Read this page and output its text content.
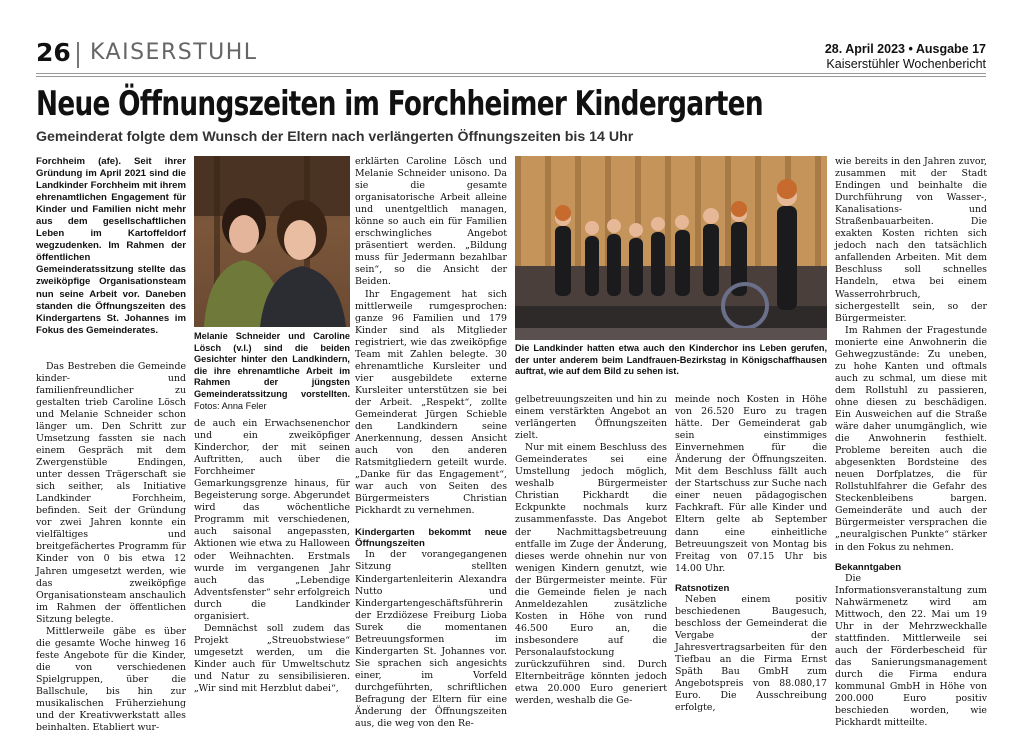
26 KAISERSTUHL	28. April 2023 • Ausgabe 17
Kaiserstühler Wochenbericht
Neue Öffnungszeiten im Forchheimer Kindergarten
Gemeinderat folgte dem Wunsch der Eltern nach verlängerten Öffnungszeiten bis 14 Uhr

Forchheim (afe). Seit ihrer Gründung im April 2021 sind die Landkinder Forchheim mit ihrem ehrenamtlichen Engagement für Kinder und Familien nicht mehr aus dem gesellschaftlichen Leben im Kartoffeldorf wegzudenken. Im Rahmen der öffentlichen Gemeinderatssitzung stellte das zweiköpfige Organisationsteam nun seine Arbeit vor. Daneben standen die Öffnungszeiten des Kindergartens St. Johannes im Fokus des Gemeinderates.

Das Bestreben die Gemeinde kinder- und familienfreundlicher zu gestalten trieb Caroline Lösch und Melanie Schneider schon länger um. Den Schritt zur Umsetzung fassten sie nach einem Gespräch mit dem Zwergenstüble Endingen, unter dessen Trägerschaft sie sich seither, als Initiative Landkinder Forchheim, befinden. Seit der Gründung vor zwei Jahren konnte ein vielfältiges und breitgefächertes Programm für Kinder von 0 bis etwa 12 Jahren umgesetzt werden, wie das zweiköpfige Organisationsteam anschaulich im Rahmen der öffentlichen Sitzung belegte.

Mittlerweile gäbe es über die gesamte Woche hinweg 16 feste Angebote für die Kinder, die von verschiedenen Spielgruppen, über die Ballschule, bis hin zur musikalischen Früherziehung und der Kreativwerkstatt alles beinhalten. Etabliert wur-

Melanie Schneider und Caroline Lösch (v.l.) sind die beiden Gesichter hinter den Landkindern, die ihre ehrenamtliche Arbeit im Rahmen der jüngsten Gemeinderatssitzung vorstellten. Fotos: Anna Feler

de auch ein Erwachsenenchor und ein zweiköpfiger Kinderchor, der mit seinen Auftritten, auch über die Forchheimer Gemarkungsgrenze hinaus, für Begeisterung sorge. Abgerundet wird das wöchentliche Programm mit verschiedenen, auch saisonal angepassten, Aktionen wie etwa zu Halloween oder Weihnachten. Erstmals wurde im vergangenen Jahr auch das „Lebendige Adventsfenster“ sehr erfolgreich durch die Landkinder organisiert.

Demnächst soll zudem das Projekt „Streuobstwiese“ umgesetzt werden, um die Kinder auch für Umweltschutz und Natur zu sensibilisieren. „Wir sind mit Herzblut dabei“,

erklärten Caroline Lösch und Melanie Schneider unisono. Da sie die gesamte organisatorische Arbeit alleine und unentgeltlich managen, könne so auch ein für Familien erschwingliches Angebot präsentiert werden. „Bildung muss für Jedermann bezahlbar sein“, so die Ansicht der Beiden.

Ihr Engagement hat sich mittlerweile rumgesprochen: ganze 96 Familien und 179 Kinder sind als Mitglieder registriert, wie das zweiköpfige Team mit Zahlen belegte. 30 ehrenamtliche Kursleiter und vier ausgebildete externe Kursleiter unterstützen sie bei der Arbeit. „Respekt“, zollte Gemeinderat Jürgen Schieble den Landkindern seine Anerkennung, dessen Ansicht auch von den anderen Ratsmitgliedern geteilt wurde. „Danke für das Engagement“, war auch von Seiten des Bürgermeisters Christian Pickhardt zu vernehmen.

Kindergarten bekommt neue Öffnungszeiten

In der vorangegangenen Sitzung stellten Kindergartenleiterin Alexandra Nutto und Kindergartengeschäftsführerin der Erzdiözese Freiburg Lioba Surek die momentanen Betreuungsformen im Kindergarten St. Johannes vor. Sie sprachen sich angesichts einer, im Vorfeld durchgeführten, schriftlichen Befragung der Eltern für eine Änderung der Öffnungszeiten aus, die weg von den Re-

Die Landkinder hatten etwa auch den Kinderchor ins Leben gerufen, der unter anderem beim Landfrauen-Bezirkstag in Königschaffhausen auftrat, wie auf dem Bild zu sehen ist.

gelbetreuungszeiten und hin zu einem verstärkten Angebot an verlängerten Öffnungszeiten zielt.

Nur mit einem Beschluss des Gemeinderates sei eine Umstellung jedoch möglich, weshalb Bürgermeister Christian Pickhardt die Eckpunkte nochmals kurz zusammenfasste. Das Angebot der Nachmittagsbetreuung entfalle im Zuge der Änderung, dieses werde ohnehin nur von wenigen Kindern genutzt, wie der Bürgermeister meinte. Für die Gemeinde fielen je nach Anmeldezahlen zusätzliche Kosten in Höhe von rund 46.500 Euro an, die insbesondere auf die Personalaufstockung zurückzuführen sind. Durch Elternbeiträge könnten jedoch etwa 20.000 Euro generiert werden, weshalb die Ge-

meinde noch Kosten in Höhe von 26.520 Euro zu tragen hätte. Der Gemeinderat gab sein einstimmiges Einvernehmen für die Änderung der Öffnungszeiten. Mit dem Beschluss fällt auch der Startschuss zur Suche nach einer neuen pädagogischen Fachkraft. Für alle Kinder und Eltern gelte ab September dann eine einheitliche Betreuungszeit von Montag bis Freitag von 07.15 Uhr bis 14.00 Uhr.

Ratsnotizen

Neben einem positiv beschiedenen Baugesuch, beschloss der Gemeinderat die Vergabe der Jahresvertragsarbeiten für den Tiefbau an die Firma Ernst Späth Bau GmbH zum Angebotspreis von 88.080,17 Euro. Die Ausschreibung erfolgte,

wie bereits in den Jahren zuvor, zusammen mit der Stadt Endingen und beinhalte die Durchführung von Wasser-, Kanalisations- und Straßenbauarbeiten. Die exakten Kosten richten sich jedoch nach den tatsächlich anfallenden Arbeiten. Mit dem Beschluss soll schnelles Handeln, etwa bei einem Wasserrohrbruch, sichergestellt sein, so der Bürgermeister.

Im Rahmen der Fragestunde monierte eine Anwohnerin die Gehwegzustände: Zu uneben, zu hohe Kanten und oftmals auch zu schmal, um diese mit dem Rollstuhl zu passieren, ohne diesen zu beschädigen. Ein Ausweichen auf die Straße wäre daher unumgänglich, wie die Anwohnerin festhielt. Probleme bereiten auch die abgesenkten Bordsteine des neuen Dorfplatzes, die für Rollstuhlfahrer die Gefahr des Steckenbleibens bargen. Gemeinderäte und auch der Bürgermeister versprachen die „neuralgischen Punkte“ stärker in den Fokus zu nehmen.

Bekanntgaben

Die Informationsveranstaltung zum Nahwärmenetz wird am Mittwoch, den 22. Mai um 19 Uhr in der Mehrzweckhalle stattfinden. Mittlerweile sei auch der Förderbescheid für das Sanierungsmanagement durch die Firma endura kommunal GmbH in Höhe von 200.000 Euro positiv beschieden worden, wie Pickhardt mitteilte.
